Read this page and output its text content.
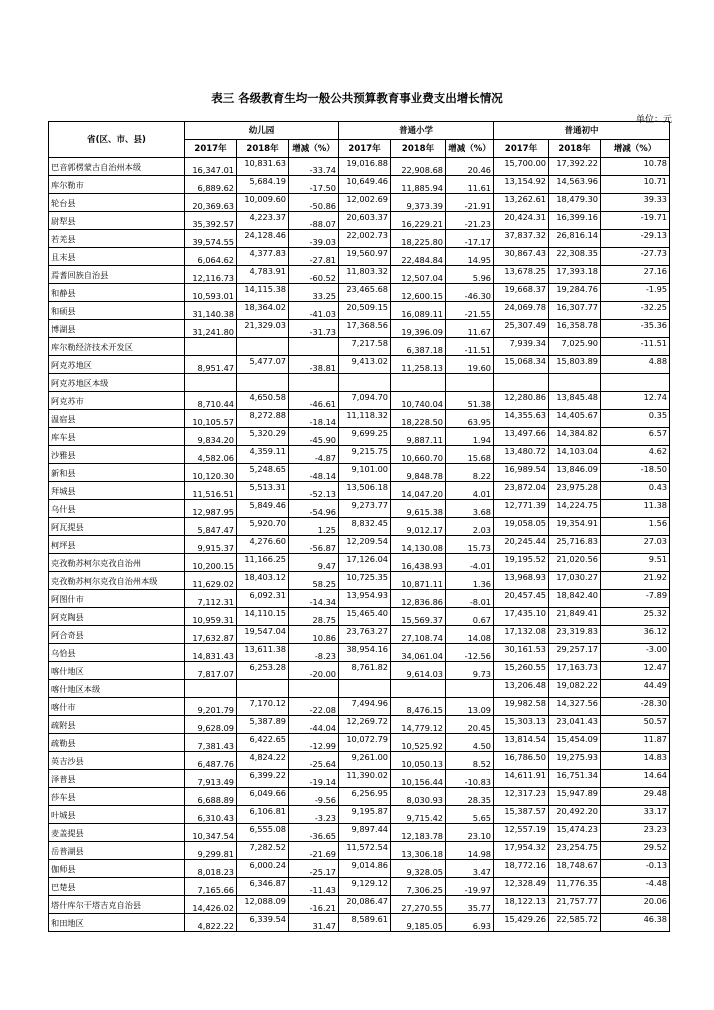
表三 各级教育生均一般公共预算教育事业费支出增长情况
单位：元
省(区、市、县)	幼儿园			普通小学			普通初中		
	2017年	2018年	增减（%）	2017年	2018年	增减（%）	2017年	2018年	增减（%）
巴音郭楞蒙古自治州本级	16,347.01	10,831.63	-33.74	19,016.88	22,908.68	20.46	15,700.00	17,392.22	10.78
库尔勒市	6,889.62	5,684.19	-17.50	10,649.46	11,885.94	11.61	13,154.92	14,563.96	10.71
轮台县	20,369.63	10,009.60	-50.86	12,002.69	9,373.39	-21.91	13,262.61	18,479.30	39.33
尉犁县	35,392.57	4,223.37	-88.07	20,603.37	16,229.21	-21.23	20,424.31	16,399.16	-19.71
若羌县	39,574.55	24,128.46	-39.03	22,002.73	18,225.80	-17.17	37,837.32	26,816.14	-29.13
且末县	6,064.62	4,377.83	-27.81	19,560.97	22,484.84	14.95	30,867.43	22,308.35	-27.73
焉耆回族自治县	12,116.73	4,783.91	-60.52	11,803.32	12,507.04	5.96	13,678.25	17,393.18	27.16
和静县	10,593.01	14,115.38	33.25	23,465.68	12,600.15	-46.30	19,668.37	19,284.76	-1.95
和硕县	31,140.38	18,364.02	-41.03	20,509.15	16,089.11	-21.55	24,069.78	16,307.77	-32.25
博湖县	31,241.80	21,329.03	-31.73	17,368.56	19,396.09	11.67	25,307.49	16,358.78	-35.36
库尔勒经济技术开发区				7,217.58	6,387.18	-11.51	7,939.34	7,025.90	-11.51
阿克苏地区	8,951.47	5,477.07	-38.81	9,413.02	11,258.13	19.60	15,068.34	15,803.89	4.88
阿克苏地区本级									
阿克苏市	8,710.44	4,650.58	-46.61	7,094.70	10,740.04	51.38	12,280.86	13,845.48	12.74
温宿县	10,105.57	8,272.88	-18.14	11,118.32	18,228.50	63.95	14,355.63	14,405.67	0.35
库车县	9,834.20	5,320.29	-45.90	9,699.25	9,887.11	1.94	13,497.66	14,384.82	6.57
沙雅县	4,582.06	4,359.11	-4.87	9,215.75	10,660.70	15.68	13,480.72	14,103.04	4.62
新和县	10,120.30	5,248.65	-48.14	9,101.00	9,848.78	8.22	16,989.54	13,846.09	-18.50
拜城县	11,516.51	5,513.31	-52.13	13,506.18	14,047.20	4.01	23,872.04	23,975.28	0.43
乌什县	12,987.95	5,849.46	-54.96	9,273.77	9,615.38	3.68	12,771.39	14,224.75	11.38
阿瓦提县	5,847.47	5,920.70	1.25	8,832.45	9,012.17	2.03	19,058.05	19,354.91	1.56
柯坪县	9,915.37	4,276.60	-56.87	12,209.54	14,130.08	15.73	20,245.44	25,716.83	27.03
克孜勒苏柯尔克孜自治州	10,200.15	11,166.25	9.47	17,126.04	16,438.93	-4.01	19,195.52	21,020.56	9.51
克孜勒苏柯尔克孜自治州本级	11,629.02	18,403.12	58.25	10,725.35	10,871.11	1.36	13,968.93	17,030.27	21.92
阿图什市	7,112.31	6,092.31	-14.34	13,954.93	12,836.86	-8.01	20,457.45	18,842.40	-7.89
阿克陶县	10,959.31	14,110.15	28.75	15,465.40	15,569.37	0.67	17,435.10	21,849.41	25.32
阿合奇县	17,632.87	19,547.04	10.86	23,763.27	27,108.74	14.08	17,132.08	23,319.83	36.12
乌恰县	14,831.43	13,611.38	-8.23	38,954.16	34,061.04	-12.56	30,161.53	29,257.17	-3.00
喀什地区	7,817.07	6,253.28	-20.00	8,761.82	9,614.03	9.73	15,260.55	17,163.73	12.47
喀什地区本级							13,206.48	19,082.22	44.49
喀什市	9,201.79	7,170.12	-22.08	7,494.96	8,476.15	13.09	19,982.58	14,327.56	-28.30
疏附县	9,628.09	5,387.89	-44.04	12,269.72	14,779.12	20.45	15,303.13	23,041.43	50.57
疏勒县	7,381.43	6,422.65	-12.99	10,072.79	10,525.92	4.50	13,814.54	15,454.09	11.87
英吉沙县	6,487.76	4,824.22	-25.64	9,261.00	10,050.13	8.52	16,786.50	19,275.93	14.83
泽普县	7,913.49	6,399.22	-19.14	11,390.02	10,156.44	-10.83	14,611.91	16,751.34	14.64
莎车县	6,688.89	6,049.66	-9.56	6,256.95	8,030.93	28.35	12,317.23	15,947.89	29.48
叶城县	6,310.43	6,106.81	-3.23	9,195.87	9,715.42	5.65	15,387.57	20,492.20	33.17
麦盖提县	10,347.54	6,555.08	-36.65	9,897.44	12,183.78	23.10	12,557.19	15,474.23	23.23
岳普湖县	9,299.81	7,282.52	-21.69	11,572.54	13,306.18	14.98	17,954.32	23,254.75	29.52
伽师县	8,018.23	6,000.24	-25.17	9,014.86	9,328.05	3.47	18,772.16	18,748.67	-0.13
巴楚县	7,165.66	6,346.87	-11.43	9,129.12	7,306.25	-19.97	12,328.49	11,776.35	-4.48
塔什库尔干塔吉克自治县	14,426.02	12,088.09	-16.21	20,086.47	27,270.55	35.77	18,122.13	21,757.77	20.06
和田地区	4,822.22	6,339.54	31.47	8,589.61	9,185.05	6.93	15,429.26	22,585.72	46.38
